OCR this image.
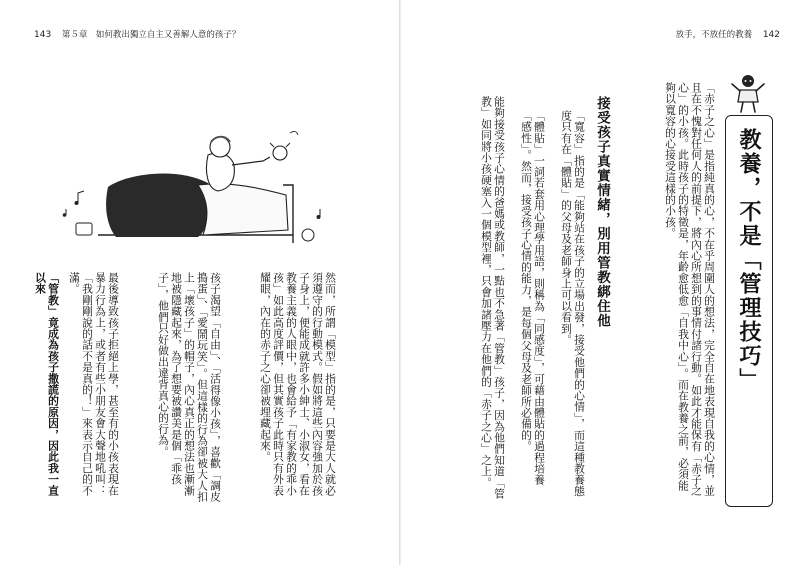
143 第５章　如何教出獨立自主又善解人意的孩子？	放手，不放任的教養 142
教養，不是「管理技巧」
「赤子之心」是指純真的心，不在乎周圍人的想法，完全自在地表現自我的心情，並且在不愧對任何人的前提下，將內心所想到的事情付諸行動。如此才能保有「赤子之心」的小孩。此時孩子的特徵是，年齡愈低愈「自我中心」。而在教養之前，必須能夠以寬容的心接受這樣的小孩。
接受孩子真實情緒，別用管教綁住他
「寬容」指的是「能夠站在孩子的立場出發，接受他們的心情」，而這種教養態度只有在「體貼」的父母及老師身上可以看到。
「體貼」一詞若套用心理學用語，則稱為「同感度」，可藉由體貼的過程培養「感性」。然而，接受孩子心情的能力，是每個父母及老師所必備的。
能夠接受孩子心情的爸媽或教師，一點也不急著「管教」孩子，因為他們知道「管教」如同將小孩硬塞入一個模型裡，只會加諸壓力在他們的「赤子之心」之上。
然而，所謂「模型」指的是，只要是大人就必須遵守的行動模式。假如將這些內容強加於孩子身上，便能成就許多小紳士、小淑女，看在教養主義的人眼中，也會給予「有家教的乖小孩」如此高度評價，但其實孩子此時只有外表耀眼，內在的赤子之心卻被埋藏起來。
孩子渴望「自由」、「活得像小孩」，喜歡「調皮搗蛋」、「愛鬧玩笑」。但這樣的行為卻被大人扣上「壞孩子」的帽子，內心真正的想法也漸漸地被隱藏起來，為了想要被讚美是個「乖孩子」，他們只好做出違背真心的行為。
最後導致孩子拒絕上學，甚至有的小孩表現在暴力行為上，或者有些小朋友會大聲地吼叫：「我剛剛說的話不是真的！」來表示自己的不滿。
「管教」竟成為孩子撒謊的原因，因此我一直以來
